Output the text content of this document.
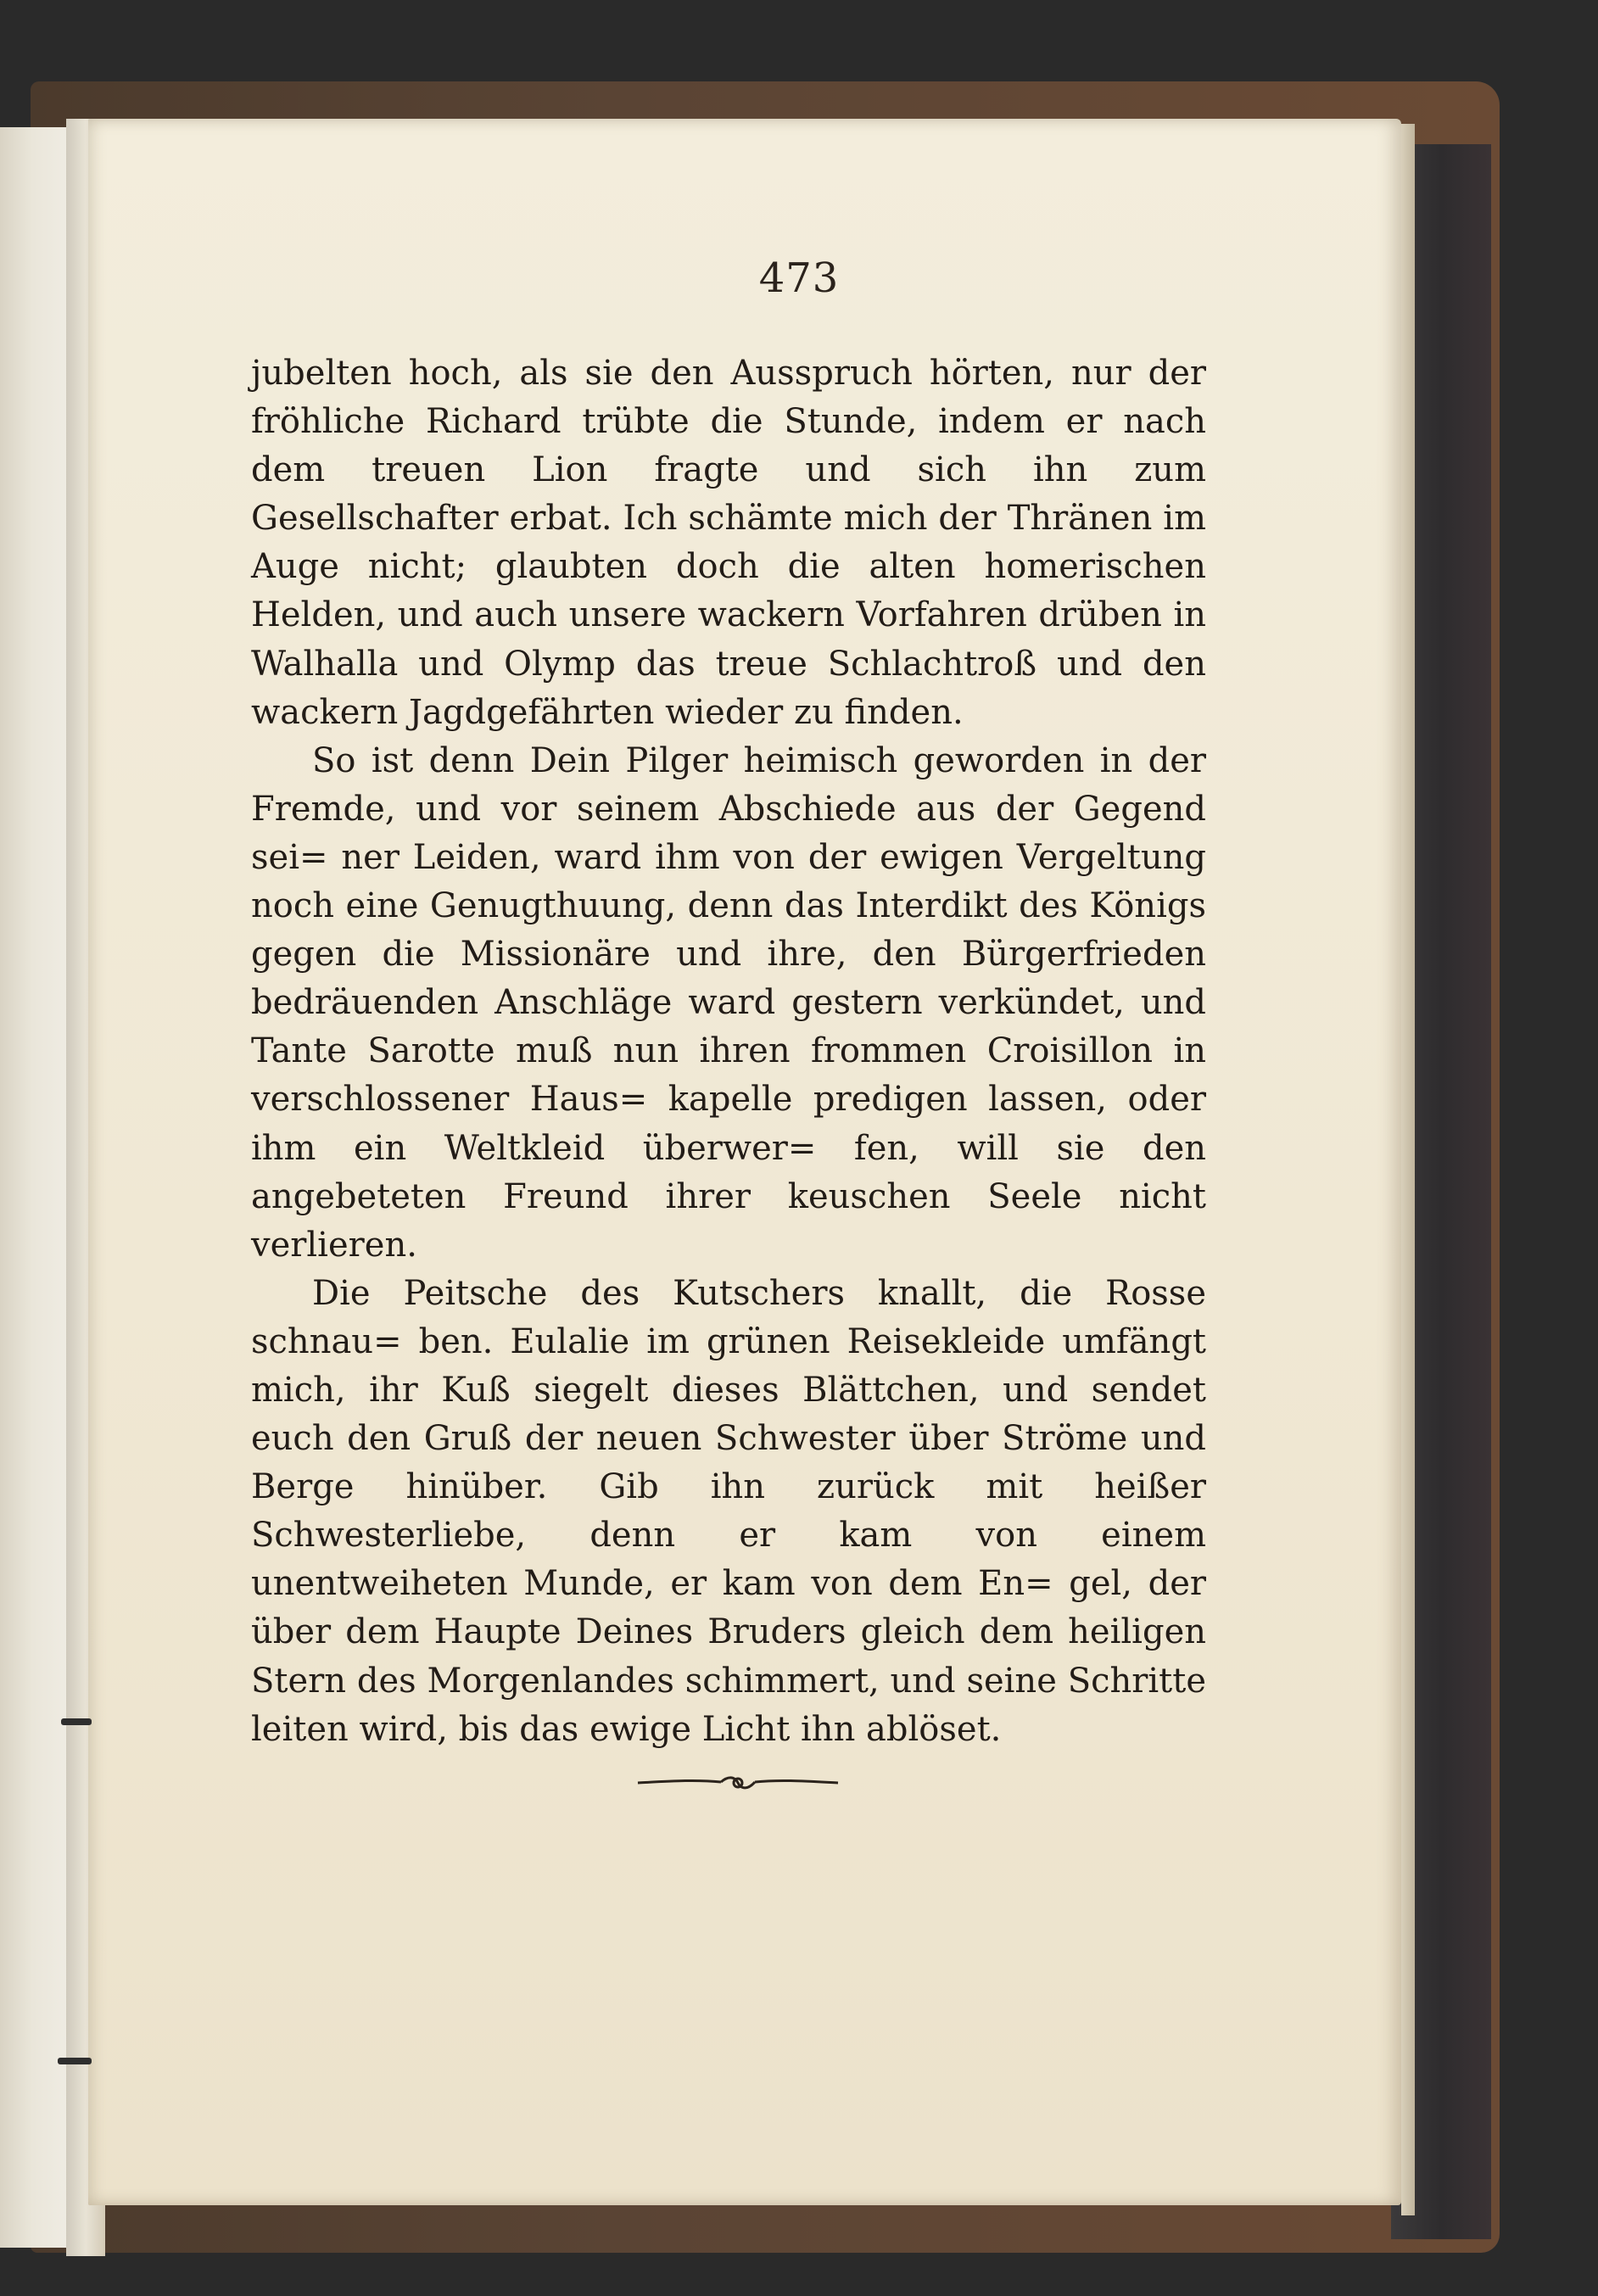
473

jubelten hoch, als sie den Ausspruch hörten, nur der fröhliche Richard trübte die Stunde, indem er nach dem treuen Lion fragte und sich ihn zum Gesellschafter erbat. Ich schämte mich der Thränen im Auge nicht; glaubten doch die alten homerischen Helden, und auch unsere wackern Vorfahren drüben in Walhalla und Olymp das treue Schlachtroß und den wackern Jagdgefährten wieder zu finden.

So ist denn Dein Pilger heimisch geworden in der Fremde, und vor seinem Abschiede aus der Gegend sei= ner Leiden, ward ihm von der ewigen Vergeltung noch eine Genugthuung, denn das Interdikt des Königs gegen die Missionäre und ihre, den Bürgerfrieden bedräuenden Anschläge ward gestern verkündet, und Tante Sarotte muß nun ihren frommen Croisillon in verschlossener Haus= kapelle predigen lassen, oder ihm ein Weltkleid überwer= fen, will sie den angebeteten Freund ihrer keuschen Seele nicht verlieren.

Die Peitsche des Kutschers knallt, die Rosse schnau= ben. Eulalie im grünen Reisekleide umfängt mich, ihr Kuß siegelt dieses Blättchen, und sendet euch den Gruß der neuen Schwester über Ströme und Berge hinüber. Gib ihn zurück mit heißer Schwesterliebe, denn er kam von einem unentweiheten Munde, er kam von dem En= gel, der über dem Haupte Deines Bruders gleich dem heiligen Stern des Morgenlandes schimmert, und seine Schritte leiten wird, bis das ewige Licht ihn ablöset.
